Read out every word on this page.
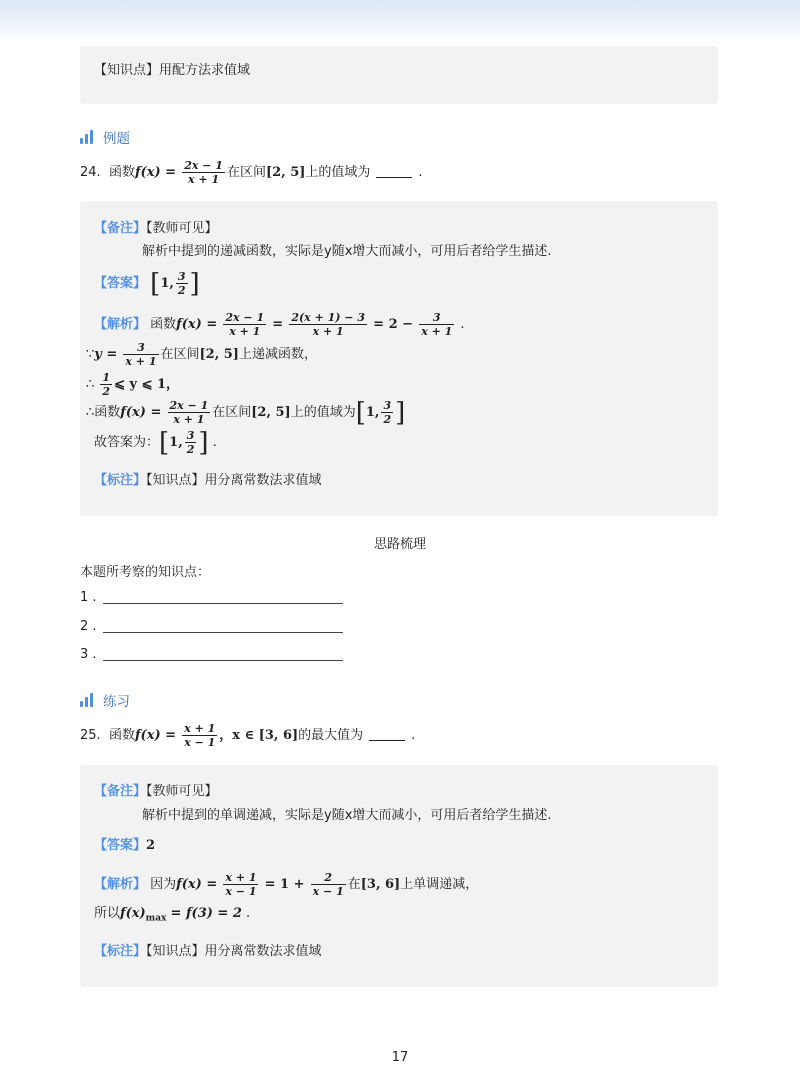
【知识点】用配方法求值域
例题
24. 函数$f(x) = \frac{2x - 1}{x + 1}$ 在区间[2, 5]上的值域为	.
【备注】【教师可见】
解析中提到的递减函数，实际是y随x增大而减小，可用后者给学生描述.
【答案】 [1, $\frac{3}{2}$ ]
【解析】 函数$f(x) = \frac{2x - 1}{x + 1} = \frac{2(x + 1) - 3}{x + 1} = 2 - \frac{3}{x + 1}$ .
∵y = $\frac{3}{x + 1}$ 在区间[2, 5]上递减函数，
∴ $\frac{1}{2}$ ⩽ y ⩽ 1，
∴函数$f(x) = \frac{2x - 1}{x + 1}$ 在区间[2, 5]上的值域为[1, $\frac{3}{2}$ ]
故答案为：[1, $\frac{3}{2}$ ] .
【标注】【知识点】用分离常数法求值域
思路梳理
本题所考察的知识点：
1 .
2 .
3 .
练习
25. 函数$f(x) = \frac{x + 1}{x - 1}$ ，x ∈ [3, 6]的最大值为	.
【备注】【教师可见】
解析中提到的单调递减，实际是y随x增大而减小，可用后者给学生描述.
【答案】2
【解析】 因为$f(x) = \frac{x + 1}{x - 1} = 1 + \frac{2}{x - 1}$ 在[3, 6]上单调递减，
所以$f(x)_{max} = f(3) = 2$ .
【标注】【知识点】用分离常数法求值域
17
